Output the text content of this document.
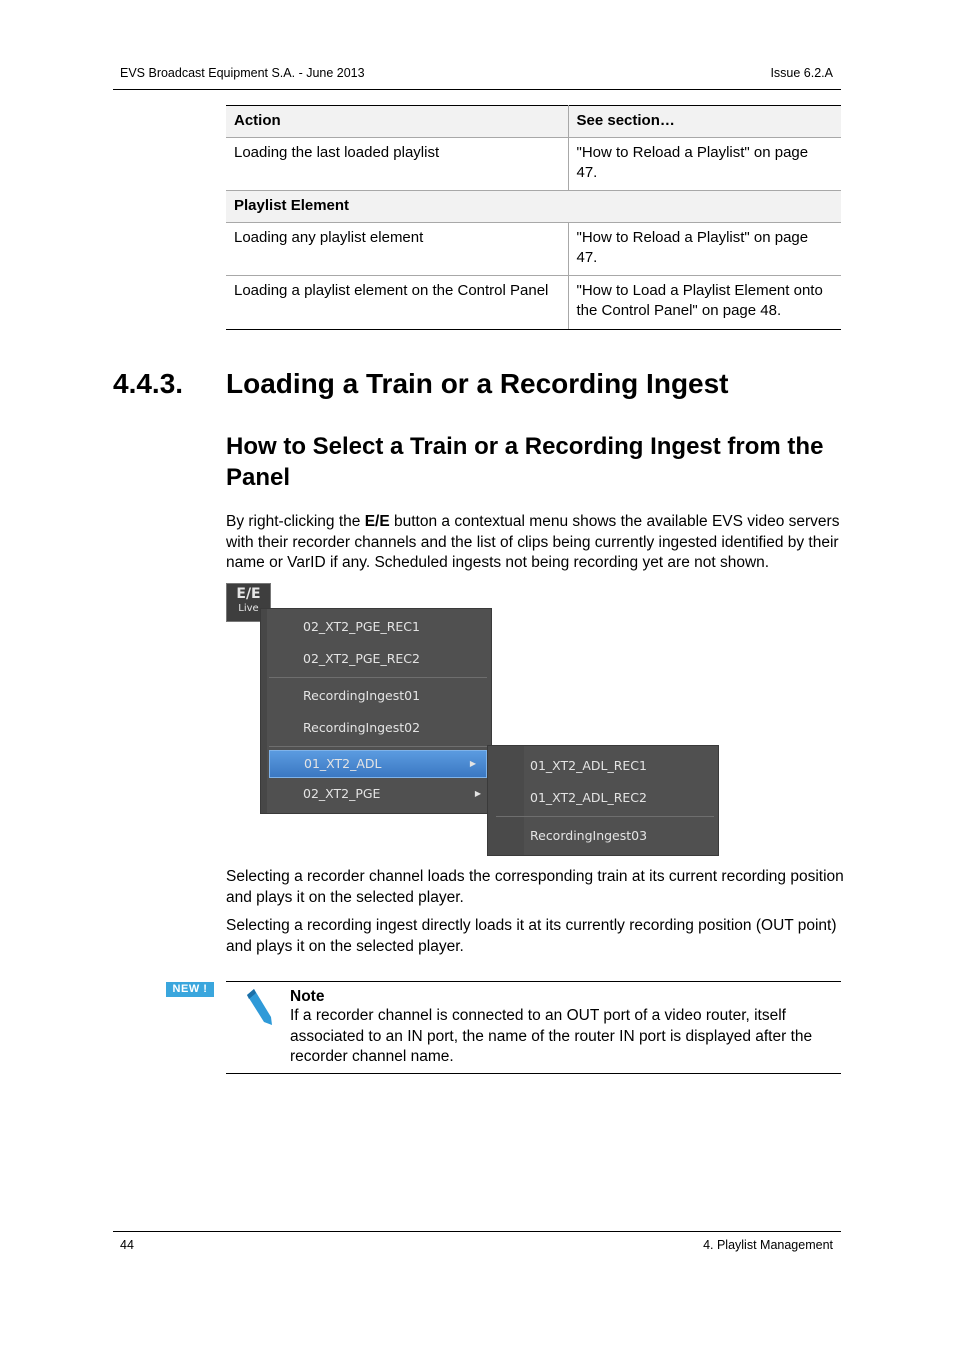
EVS Broadcast Equipment S.A. - June 2013	Issue 6.2.A
Action	See section…
Loading the last loaded playlist	"How to Reload a Playlist" on page 47.
Playlist Element	
Loading any playlist element	"How to Reload a Playlist" on page 47.
Loading a playlist element on the Control Panel	"How to Load a Playlist Element onto the Control Panel" on page 48.
4.4.3. Loading a Train or a Recording Ingest
How to Select a Train or a Recording Ingest from the Panel
By right-clicking the E/E button a contextual menu shows the available EVS video servers with their recorder channels and the list of clips being currently ingested identified by their name or VarID if any. Scheduled ingests not being recording yet are not shown.
E/E
Live
02_XT2_PGE_REC1
02_XT2_PGE_REC2
RecordingIngest01
RecordingIngest02
01_XT2_ADL	▶
02_XT2_PGE	▶
01_XT2_ADL_REC1
01_XT2_ADL_REC2
RecordingIngest03
Selecting a recorder channel loads the corresponding train at its current recording position and plays it on the selected player.
Selecting a recording ingest directly loads it at its currently recording position (OUT point) and plays it on the selected player.
NEW !	Note
If a recorder channel is connected to an OUT port of a video router, itself associated to an IN port, the name of the router IN port is displayed after the recorder channel name.
44	4. Playlist Management
